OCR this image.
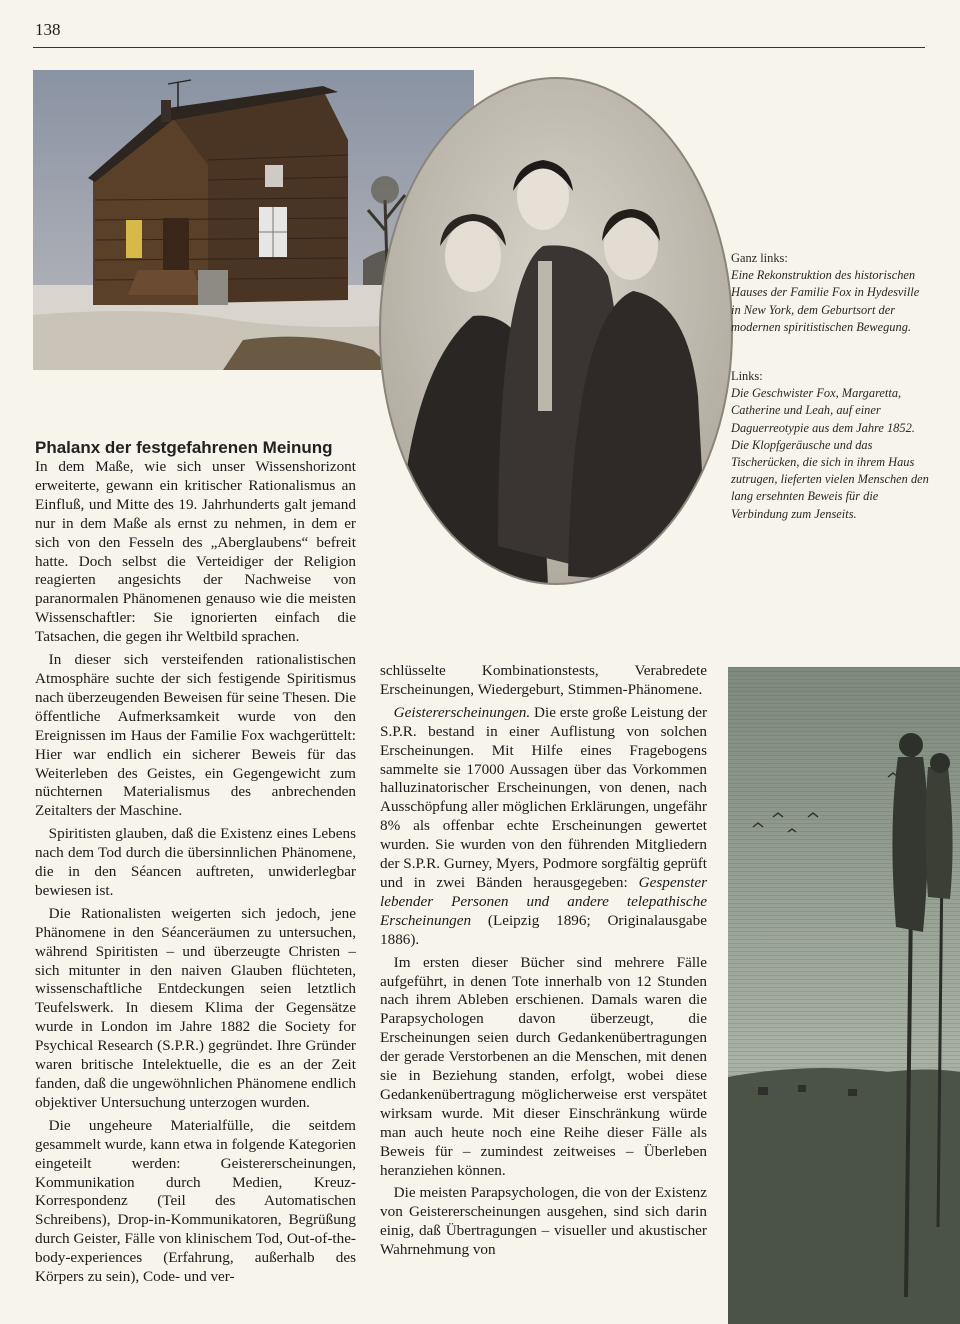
138
Ganz links:
Eine Rekonstruktion des historischen Hauses der Familie Fox in Hydesville in New York, dem Geburtsort der modernen spiritistischen Bewegung.
Links:
Die Geschwister Fox, Margaretta, Catherine und Leah, auf einer Daguerreotypie aus dem Jahre 1852. Die Klopfgeräusche und das Tischerücken, die sich in ihrem Haus zutrugen, lieferten vielen Menschen den lang ersehnten Beweis für die Verbindung zum Jenseits.
Phalanx der festgefahrenen Meinung

In dem Maße, wie sich unser Wissenshorizont erweiterte, gewann ein kritischer Rationalismus an Einfluß, und Mitte des 19. Jahrhunderts galt jemand nur in dem Maße als ernst zu nehmen, in dem er sich von den Fesseln des „Aberglaubens“ befreit hatte. Doch selbst die Verteidiger der Religion reagierten angesichts der Nachweise von paranormalen Phänomenen genauso wie die meisten Wissenschaftler: Sie ignorierten einfach die Tatsachen, die gegen ihr Weltbild sprachen.

In dieser sich versteifenden rationalistischen Atmosphäre suchte der sich festigende Spiritismus nach überzeugenden Beweisen für seine Thesen. Die öffentliche Aufmerksamkeit wurde von den Ereignissen im Haus der Familie Fox wachgerüttelt: Hier war endlich ein sicherer Beweis für das Weiterleben des Geistes, ein Gegengewicht zum nüchternen Materialismus des anbrechenden Zeitalters der Maschine.

Spiritisten glauben, daß die Existenz eines Lebens nach dem Tod durch die übersinnlichen Phänomene, die in den Séancen auftreten, unwiderlegbar bewiesen ist.

Die Rationalisten weigerten sich jedoch, jene Phänomene in den Séanceräumen zu untersuchen, während Spiritisten – und überzeugte Christen – sich mitunter in den naiven Glauben flüchteten, wissenschaftliche Entdeckungen seien letztlich Teufelswerk. In diesem Klima der Gegensätze wurde in London im Jahre 1882 die Society for Psychical Research (S.P.R.) gegründet. Ihre Gründer waren britische Intelektuelle, die es an der Zeit fanden, daß die ungewöhnlichen Phänomene endlich objektiver Untersuchung unterzogen wurden.

Die ungeheure Materialfülle, die seitdem gesammelt wurde, kann etwa in folgende Kategorien eingeteilt werden: Geistererscheinungen, Kommunikation durch Medien, Kreuz-Korrespondenz (Teil des Automatischen Schreibens), Drop-in-Kommunikatoren, Begrüßung durch Geister, Fälle von klinischem Tod, Out-of-the-body-experiences (Erfahrung, außerhalb des Körpers zu sein), Code- und ver-

schlüsselte Kombinationstests, Verabredete Erscheinungen, Wiedergeburt, Stimmen-Phänomene.

Geistererscheinungen. Die erste große Leistung der S.P.R. bestand in einer Auflistung von solchen Erscheinungen. Mit Hilfe eines Fragebogens sammelte sie 17000 Aussagen über das Vorkommen halluzinatorischer Erscheinungen, von denen, nach Ausschöpfung aller möglichen Erklärungen, ungefähr 8% als offenbar echte Erscheinungen gewertet wurden. Sie wurden von den führenden Mitgliedern der S.P.R. Gurney, Myers, Podmore sorgfältig geprüft und in zwei Bänden herausgegeben: Gespenster lebender Personen und andere telepathische Erscheinungen (Leipzig 1896; Originalausgabe 1886).

Im ersten dieser Bücher sind mehrere Fälle aufgeführt, in denen Tote innerhalb von 12 Stunden nach ihrem Ableben erschienen. Damals waren die Parapsychologen davon überzeugt, die Erscheinungen seien durch Gedankenübertragungen der gerade Verstorbenen an die Menschen, mit denen sie in Beziehung standen, erfolgt, wobei diese Gedankenübertragung möglicherweise erst verspätet wirksam wurde. Mit dieser Einschränkung würde man auch heute noch eine Reihe dieser Fälle als Beweis für – zumindest zeitweises – Überleben heranziehen können.

Die meisten Parapsychologen, die von der Existenz von Geistererscheinungen ausgehen, sind sich darin einig, daß Übertragungen – visueller und akustischer Wahrnehmung von
